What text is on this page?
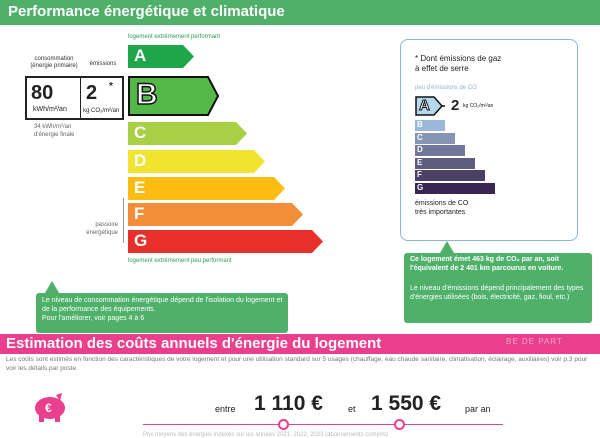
Performance énergétique et climatique
logement extrêmement performant
logement extrêmement peu performant
A
B
C
D
E
F
G
consommation (énergie primaire)	émissions
80
kWh/m²/an
2 *
kg CO₂/m²/an
34 kWh/m²/an
d'énergie finale
passoire
énergétique
Le niveau de consommation énergétique dépend de l'isolation du logement et de la performance des équipements.
Pour l'améliorer, voir pages 4 à 6
* Dont émissions de gaz
à effet de serre
peu d'émissions de CO
A
B
C
D
E
F
G
2 kg CO₂/m²/an
émissions de CO
très importantes
Ce logement émet 463 kg de CO₂ par an, soit l'équivalent de 2 401 km parcourus en voiture.
Le niveau d'émissions dépend principalement des types d'énergies utilisées (bois, électricité, gaz, fioul, etc.)
Estimation des coûts annuels d'énergie du logement	BE DE PART
Les coûts sont estimés en fonction des caractéristiques de votre logement et pour une utilisation standard sur 5 usages (chauffage, eau chaude sanitaire, climatisation, éclairage, auxiliaires) voir p.3 pour voir les détails par poste.
€	entre 1 110 €	et 1 550 €	par an
Prix moyens des énergies indexés sur les années 2021, 2022, 2023 (abonnements compris)
